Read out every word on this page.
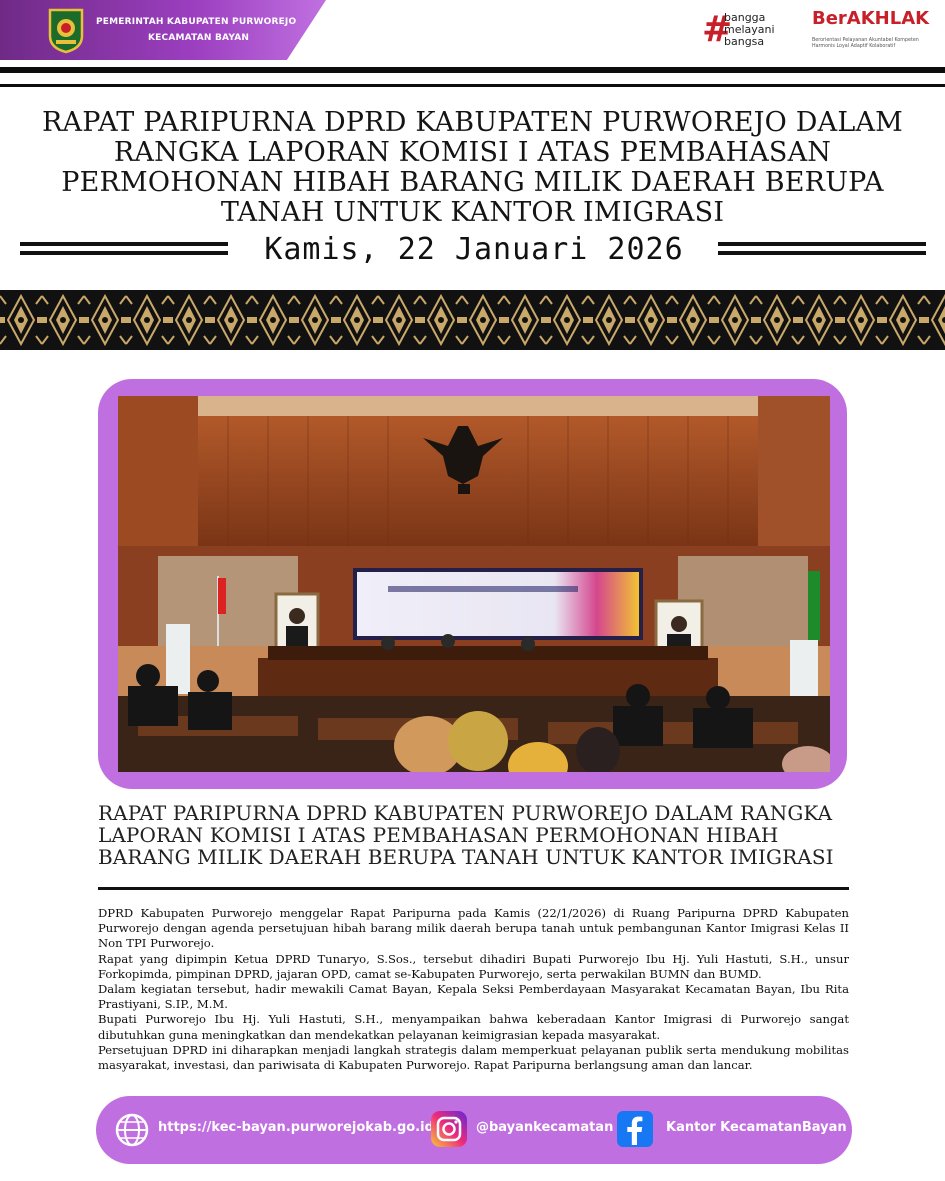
PEMERINTAH KABUPATEN PURWOREJO
KECAMATAN BAYAN	#
bangga
melayani
bangsa
BerAKHLAK
Berorientasi Pelayanan Akuntabel Kompeten Harmonis Loyal Adaptif Kolaboratif
RAPAT PARIPURNA DPRD KABUPATEN PURWOREJO DALAM RANGKA LAPORAN KOMISI I ATAS PEMBAHASAN PERMOHONAN HIBAH BARANG MILIK DAERAH BERUPA TANAH UNTUK KANTOR IMIGRASI
Kamis, 22 Januari 2026
RAPAT PARIPURNA DPRD KABUPATEN PURWOREJO DALAM RANGKA LAPORAN KOMISI I ATAS PEMBAHASAN PERMOHONAN HIBAH BARANG MILIK DAERAH BERUPA TANAH UNTUK KANTOR IMIGRASI

DPRD Kabupaten Purworejo menggelar Rapat Paripurna pada Kamis (22/1/2026) di Ruang Paripurna DPRD Kabupaten Purworejo dengan agenda persetujuan hibah barang milik daerah berupa tanah untuk pembangunan Kantor Imigrasi Kelas II Non TPI Purworejo.

Rapat yang dipimpin Ketua DPRD Tunaryo, S.Sos., tersebut dihadiri Bupati Purworejo Ibu Hj. Yuli Hastuti, S.H., unsur Forkopimda, pimpinan DPRD, jajaran OPD, camat se-Kabupaten Purworejo, serta perwakilan BUMN dan BUMD.

Dalam kegiatan tersebut, hadir mewakili Camat Bayan, Kepala Seksi Pemberdayaan Masyarakat Kecamatan Bayan, Ibu Rita Prastiyani, S.IP., M.M.

Bupati Purworejo Ibu Hj. Yuli Hastuti, S.H., menyampaikan bahwa keberadaan Kantor Imigrasi di Purworejo sangat dibutuhkan guna meningkatkan dan mendekatkan pelayanan keimigrasian kepada masyarakat.

Persetujuan DPRD ini diharapkan menjadi langkah strategis dalam memperkuat pelayanan publik serta mendukung mobilitas masyarakat, investasi, dan pariwisata di Kabupaten Purworejo. Rapat Paripurna berlangsung aman dan lancar.

https://kec-bayan.purworejokab.go.id/	@bayankecamatan	Kantor KecamatanBayan
